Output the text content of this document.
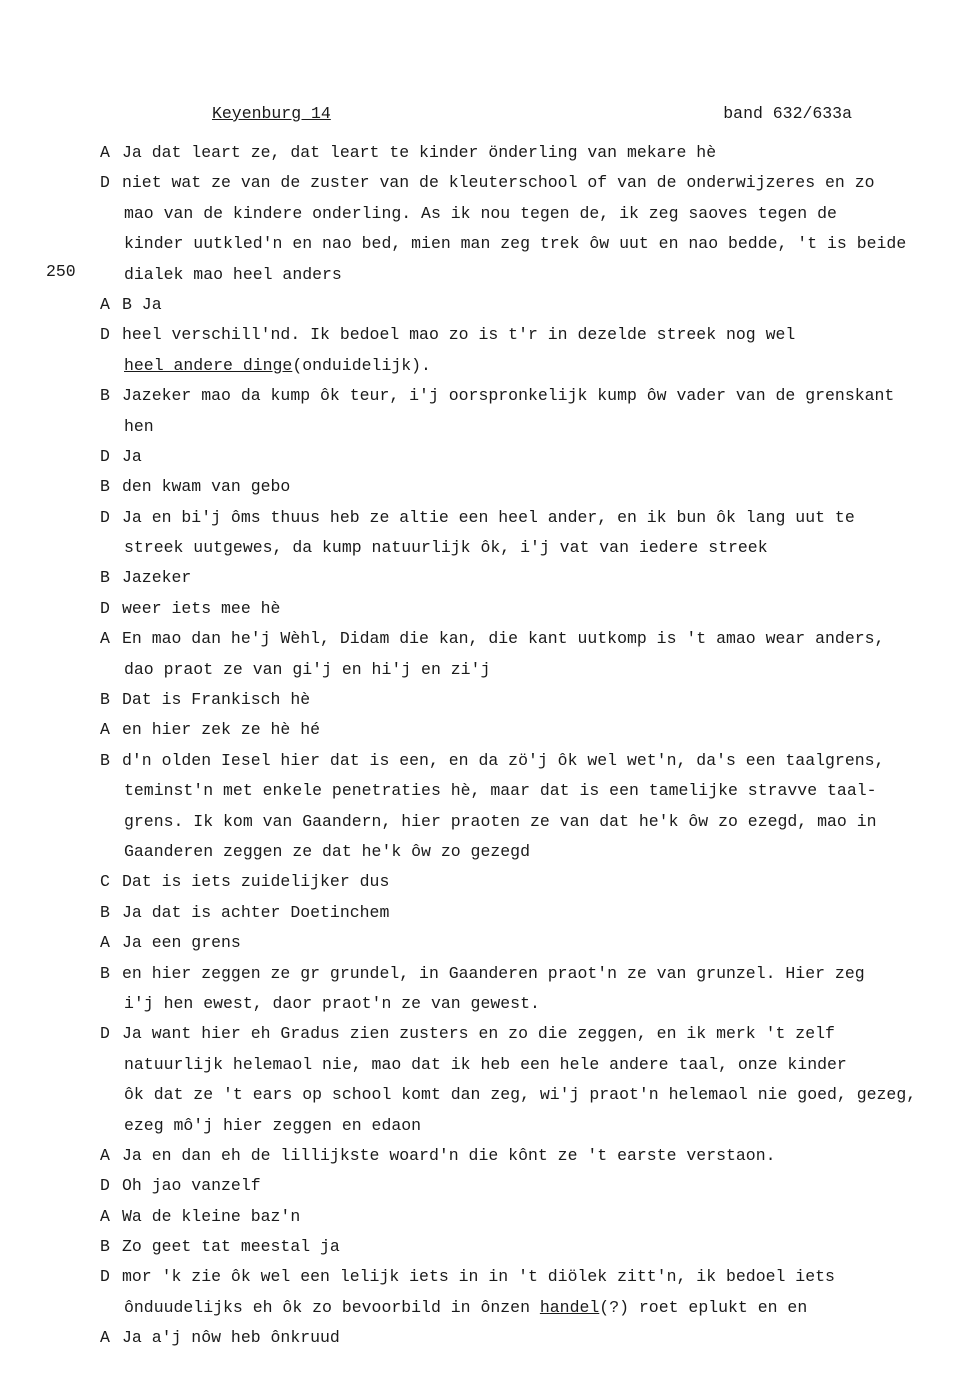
Keyenburg 14	band 632/633a
250
A Ja dat leart ze, dat leart te kinder önderling van mekare hè
D niet wat ze van de zuster van de kleuterschool of van de onderwijzeres en zo
mao van de kindere onderling. As ik nou tegen de, ik zeg saoves tegen de
kinder uutkled'n en nao bed, mien man zeg trek ôw uut en nao bedde, 't is beide
dialek mao heel anders
A B Ja
D heel verschill'nd. Ik bedoel mao zo is t'r in dezelde streek nog wel
heel andere dinge(onduidelijk).
B Jazeker mao da kump ôk teur, i'j oorspronkelijk kump ôw vader van de grenskant
hen
D Ja
B den kwam van gebo
D Ja en bi'j ôms thuus heb ze altie een heel ander, en ik bun ôk lang uut te
streek uutgewes, da kump natuurlijk ôk, i'j vat van iedere streek
B Jazeker
D weer iets mee hè
A En mao dan he'j Wèhl, Didam die kan, die kant uutkomp is 't amao wear anders,
dao praot ze van gi'j en hi'j en zi'j
B Dat is Frankisch hè
A en hier zek ze hè hé
B d'n olden Iesel hier dat is een, en da zö'j ôk wel wet'n, da's een taalgrens,
teminst'n met enkele penetraties hè, maar dat is een tamelijke stravve taal-
grens. Ik kom van Gaandern, hier praoten ze van dat he'k ôw zo ezegd, mao in
Gaanderen zeggen ze dat he'k ôw zo gezegd
C Dat is iets zuidelijker dus
B Ja dat is achter Doetinchem
A Ja een grens
B en hier zeggen ze gr grundel, in Gaanderen praot'n ze van grunzel. Hier zeg
i'j hen ewest, daor praot'n ze van gewest.
D Ja want hier eh Gradus zien zusters en zo die zeggen, en ik merk 't zelf
natuurlijk helemaol nie, mao dat ik heb een hele andere taal, onze kinder
ôk dat ze 't ears op school komt dan zeg, wi'j praot'n helemaol nie goed, gezeg,
ezeg mô'j hier zeggen en edaon
A Ja en dan eh de lillijkste woard'n die kônt ze 't earste verstaon.
D Oh jao vanzelf
A Wa de kleine baz'n
B Zo geet tat meestal ja
D mor 'k zie ôk wel een lelijk iets in in 't diölek zitt'n, ik bedoel iets
ônduudelijks eh ôk zo bevoorbild in ônzen handel(?) roet eplukt en en
A Ja a'j nôw heb ônkruud
